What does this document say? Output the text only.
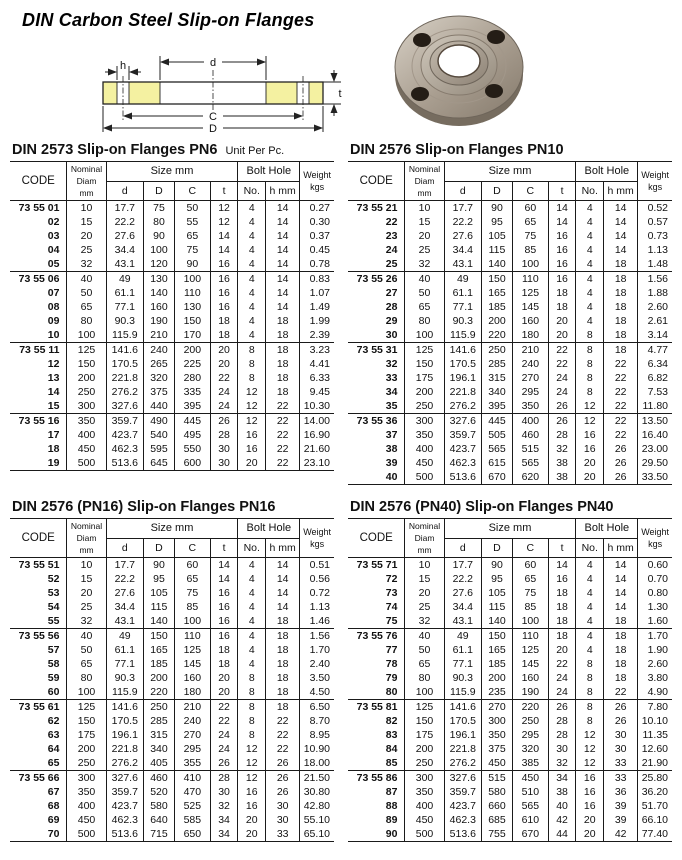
DIN Carbon Steel Slip-on Flanges
h	d
C
D
t
DIN 2573 Slip-on Flanges PN6 Unit Per Pc.
CODE	Nominal
Diam
mm	Size mm				Bolt Hole		Weight
kgs
		d	D	C	t	No.	h mm	
73 55 01	10	17.7	75	50	12	4	14	0.27
02	15	22.2	80	55	12	4	14	0.30
03	20	27.6	90	65	14	4	14	0.37
04	25	34.4	100	75	14	4	14	0.45
05	32	43.1	120	90	16	4	14	0.78
73 55 06	40	49	130	100	16	4	14	0.83
07	50	61.1	140	110	16	4	14	1.07
08	65	77.1	160	130	16	4	14	1.49
09	80	90.3	190	150	18	4	18	1.99
10	100	115.9	210	170	18	4	18	2.39
73 55 11	125	141.6	240	200	20	8	18	3.23
12	150	170.5	265	225	20	8	18	4.41
13	200	221.8	320	280	22	8	18	6.33
14	250	276.2	375	335	24	12	18	9.45
15	300	327.6	440	395	24	12	22	10.30
73 55 16	350	359.7	490	445	26	12	22	14.00
17	400	423.7	540	495	28	16	22	16.90
18	450	462.3	595	550	30	16	22	21.60
19	500	513.6	645	600	30	20	22	23.10
DIN 2576 Slip-on Flanges PN10
CODE	Nominal
Diam
mm	Size mm				Bolt Hole		Weight
kgs
		d	D	C	t	No.	h mm	
73 55 21	10	17.7	90	60	14	4	14	0.52
22	15	22.2	95	65	14	4	14	0.57
23	20	27.6	105	75	16	4	14	0.73
24	25	34.4	115	85	16	4	14	1.13
25	32	43.1	140	100	16	4	18	1.48
73 55 26	40	49	150	110	16	4	18	1.56
27	50	61.1	165	125	18	4	18	1.88
28	65	77.1	185	145	18	4	18	2.60
29	80	90.3	200	160	20	4	18	2.61
30	100	115.9	220	180	20	8	18	3.14
73 55 31	125	141.6	250	210	22	8	18	4.77
32	150	170.5	285	240	22	8	22	6.34
33	175	196.1	315	270	24	8	22	6.82
34	200	221.8	340	295	24	8	22	7.53
35	250	276.2	395	350	26	12	22	11.80
73 55 36	300	327.6	445	400	26	12	22	13.50
37	350	359.7	505	460	28	16	22	16.40
38	400	423.7	565	515	32	16	26	23.00
39	450	462.3	615	565	38	20	26	29.50
40	500	513.6	670	620	38	20	26	33.50
DIN 2576 (PN16) Slip-on Flanges PN16
CODE	Nominal
Diam
mm	Size mm				Bolt Hole		Weight
kgs
		d	D	C	t	No.	h mm	
73 55 51	10	17.7	90	60	14	4	14	0.51
52	15	22.2	95	65	14	4	14	0.56
53	20	27.6	105	75	16	4	14	0.72
54	25	34.4	115	85	16	4	14	1.13
55	32	43.1	140	100	16	4	18	1.46
73 55 56	40	49	150	110	16	4	18	1.56
57	50	61.1	165	125	18	4	18	1.70
58	65	77.1	185	145	18	4	18	2.40
59	80	90.3	200	160	20	8	18	3.50
60	100	115.9	220	180	20	8	18	4.50
73 55 61	125	141.6	250	210	22	8	18	6.50
62	150	170.5	285	240	22	8	22	8.70
63	175	196.1	315	270	24	8	22	8.95
64	200	221.8	340	295	24	12	22	10.90
65	250	276.2	405	355	26	12	26	18.00
73 55 66	300	327.6	460	410	28	12	26	21.50
67	350	359.7	520	470	30	16	26	30.80
68	400	423.7	580	525	32	16	30	42.80
69	450	462.3	640	585	34	20	30	55.10
70	500	513.6	715	650	34	20	33	65.10
DIN 2576 (PN40) Slip-on Flanges PN40
CODE	Nominal
Diam
mm	Size mm				Bolt Hole		Weight
kgs
		d	D	C	t	No.	h mm	
73 55 71	10	17.7	90	60	14	4	14	0.60
72	15	22.2	95	65	16	4	14	0.70
73	20	27.6	105	75	18	4	14	0.80
74	25	34.4	115	85	18	4	14	1.30
75	32	43.1	140	100	18	4	18	1.60
73 55 76	40	49	150	110	18	4	18	1.70
77	50	61.1	165	125	20	4	18	1.90
78	65	77.1	185	145	22	8	18	2.60
79	80	90.3	200	160	24	8	18	3.80
80	100	115.9	235	190	24	8	22	4.90
73 55 81	125	141.6	270	220	26	8	26	7.80
82	150	170.5	300	250	28	8	26	10.10
83	175	196.1	350	295	28	12	30	11.35
84	200	221.8	375	320	30	12	30	12.60
85	250	276.2	450	385	32	12	33	21.90
73 55 86	300	327.6	515	450	34	16	33	25.80
87	350	359.7	580	510	38	16	36	36.20
88	400	423.7	660	565	40	16	39	51.70
89	450	462.3	685	610	42	20	39	66.10
90	500	513.6	755	670	44	20	42	77.40
